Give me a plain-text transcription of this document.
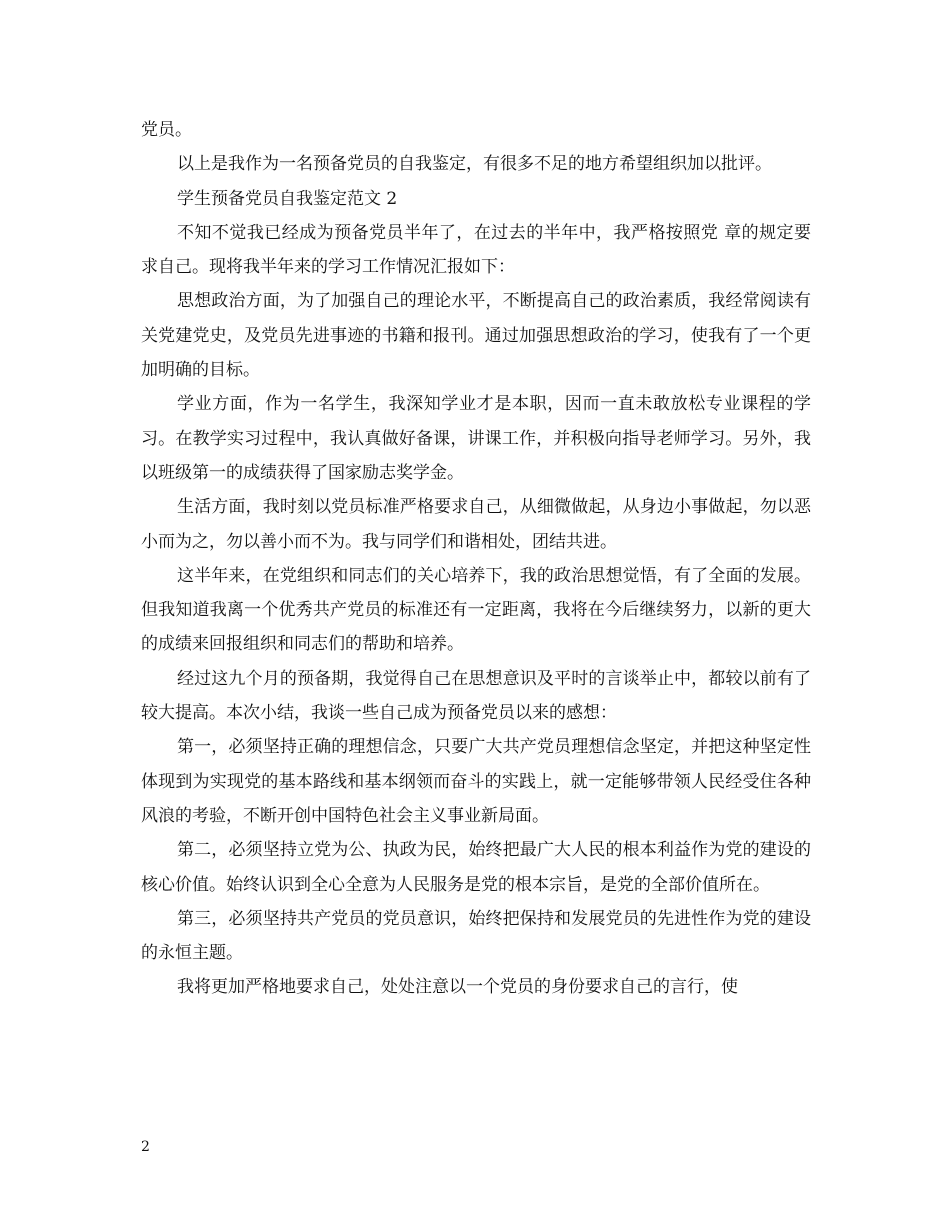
党员。

以上是我作为一名预备党员的自我鉴定，有很多不足的地方希望组织加以批评。

学生预备党员自我鉴定范文 2

不知不觉我已经成为预备党员半年了，在过去的半年中，我严格按照党 章的规定要求自己。现将我半年来的学习工作情况汇报如下：

思想政治方面，为了加强自己的理论水平，不断提高自己的政治素质，我经常阅读有关党建党史，及党员先进事迹的书籍和报刊。通过加强思想政治的学习，使我有了一个更加明确的目标。

学业方面，作为一名学生，我深知学业才是本职，因而一直未敢放松专业课程的学习。在教学实习过程中，我认真做好备课，讲课工作，并积极向指导老师学习。另外，我以班级第一的成绩获得了国家励志奖学金。

生活方面，我时刻以党员标准严格要求自己，从细微做起，从身边小事做起，勿以恶小而为之，勿以善小而不为。我与同学们和谐相处，团结共进。

这半年来，在党组织和同志们的关心培养下，我的政治思想觉悟，有了全面的发展。但我知道我离一个优秀共产党员的标准还有一定距离，我将在今后继续努力，以新的更大的成绩来回报组织和同志们的帮助和培养。

经过这九个月的预备期，我觉得自己在思想意识及平时的言谈举止中，都较以前有了较大提高。本次小结，我谈一些自己成为预备党员以来的感想：

第一，必须坚持正确的理想信念，只要广大共产党员理想信念坚定，并把这种坚定性体现到为实现党的基本路线和基本纲领而奋斗的实践上，就一定能够带领人民经受住各种风浪的考验，不断开创中国特色社会主义事业新局面。

第二，必须坚持立党为公、执政为民，始终把最广大人民的根本利益作为党的建设的核心价值。始终认识到全心全意为人民服务是党的根本宗旨，是党的全部价值所在。

第三，必须坚持共产党员的党员意识，始终把保持和发展党员的先进性作为党的建设的永恒主题。

我将更加严格地要求自己，处处注意以一个党员的身份要求自己的言行，使

2
